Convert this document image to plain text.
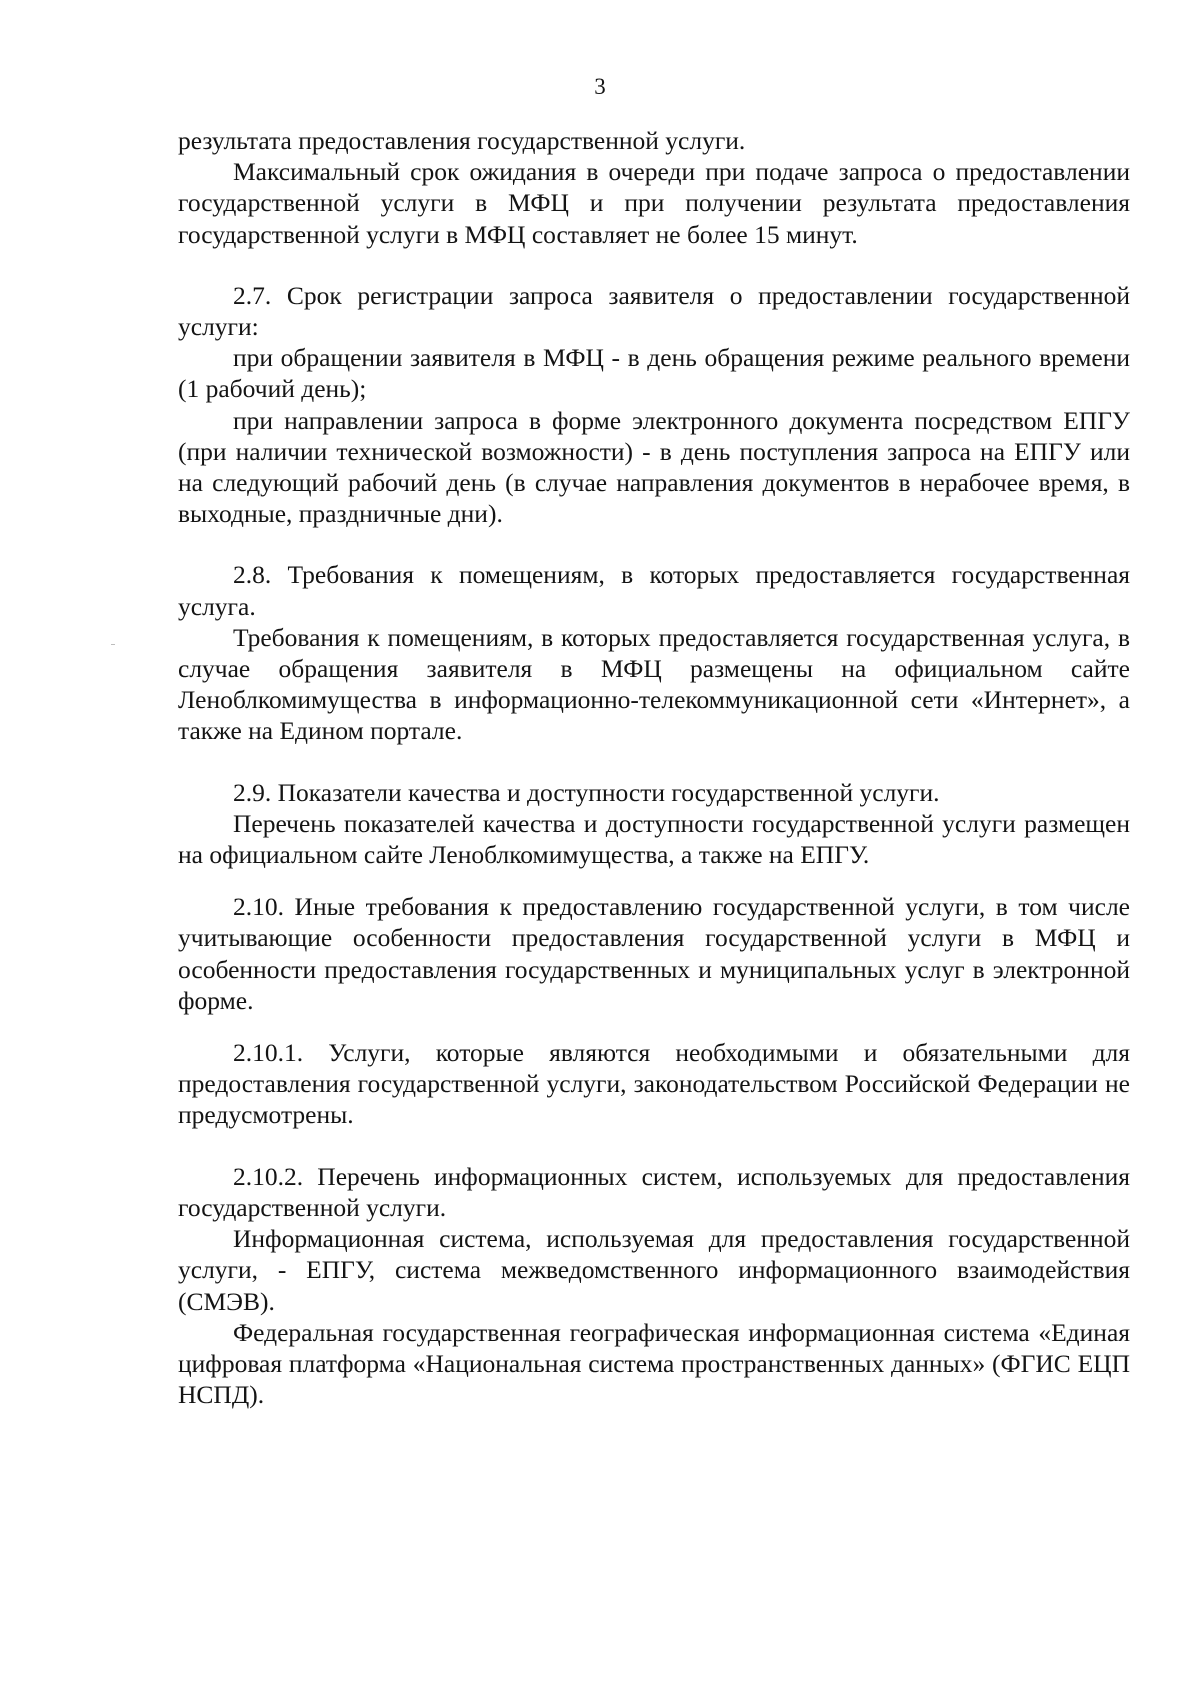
3

результата предоставления государственной услуги.

Максимальный срок ожидания в очереди при подаче запроса о предоставлении государственной услуги в МФЦ и при получении результата предоставления государственной услуги в МФЦ составляет не более 15 минут.

2.7. Срок регистрации запроса заявителя о предоставлении государственной услуги:

при обращении заявителя в МФЦ - в день обращения режиме реального времени (1 рабочий день);

при направлении запроса в форме электронного документа посредством ЕПГУ (при наличии технической возможности) - в день поступления запроса на ЕПГУ или на следующий рабочий день (в случае направления документов в нерабочее время, в выходные, праздничные дни).

2.8. Требования к помещениям, в которых предоставляется государственная услуга.

Требования к помещениям, в которых предоставляется государственная услуга, в случае обращения заявителя в МФЦ размещены на официальном сайте Леноблкомимущества в информационно-телекоммуникационной сети «Интернет», а также на Едином портале.

2.9. Показатели качества и доступности государственной услуги.

Перечень показателей качества и доступности государственной услуги размещен на официальном сайте Леноблкомимущества, а также на ЕПГУ.

2.10. Иные требования к предоставлению государственной услуги, в том числе учитывающие особенности предоставления государственной услуги в МФЦ и особенности предоставления государственных и муниципальных услуг в электронной форме.

2.10.1. Услуги, которые являются необходимыми и обязательными для предоставления государственной услуги, законодательством Российской Федерации не предусмотрены.

2.10.2. Перечень информационных систем, используемых для предоставления государственной услуги.

Информационная система, используемая для предоставления государственной услуги, - ЕПГУ, система межведомственного информационного взаимодействия (СМЭВ).

Федеральная государственная географическая информационная система «Единая цифровая платформа «Национальная система пространственных данных» (ФГИС ЕЦП НСПД).
